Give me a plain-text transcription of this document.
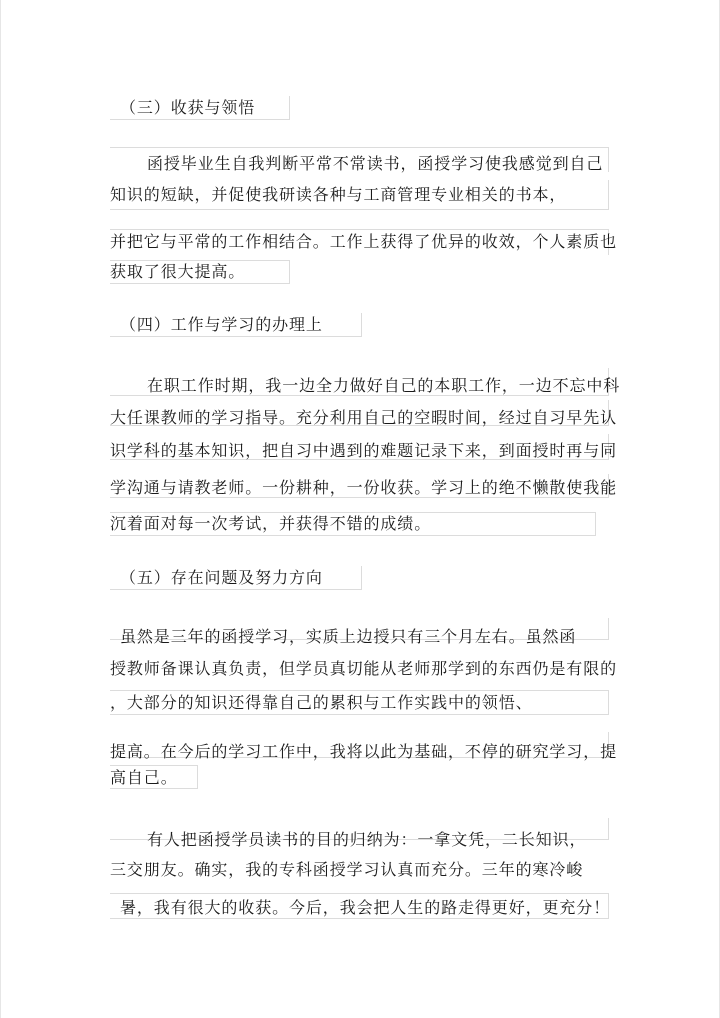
（三）收获与领悟
函授毕业生自我判断平常不常读书，函授学习使我感觉到自己
知识的短缺，并促使我研读各种与工商管理专业相关的书本，
并把它与平常的工作相结合。工作上获得了优异的收效，个人素质也
获取了很大提高。
（四）工作与学习的办理上
在职工作时期，我一边全力做好自己的本职工作，一边不忘中科
大任课教师的学习指导。充分利用自己的空暇时间，经过自习早先认
识学科的基本知识，把自习中遇到的难题记录下来，到面授时再与同
学沟通与请教老师。一份耕种，一份收获。学习上的绝不懒散使我能
沉着面对每一次考试，并获得不错的成绩。
（五）存在问题及努力方向
虽然是三年的函授学习，实质上边授只有三个月左右。虽然函
授教师备课认真负责，但学员真切能从老师那学到的东西仍是有限的
，大部分的知识还得靠自己的累积与工作实践中的领悟、
提高。在今后的学习工作中，我将以此为基础，不停的研究学习，提
高自己。
有人把函授学员读书的目的归纳为：一拿文凭，二长知识，
三交朋友。确实，我的专科函授学习认真而充分。三年的寒冷峻
暑，我有很大的收获。今后，我会把人生的路走得更好，更充分！
